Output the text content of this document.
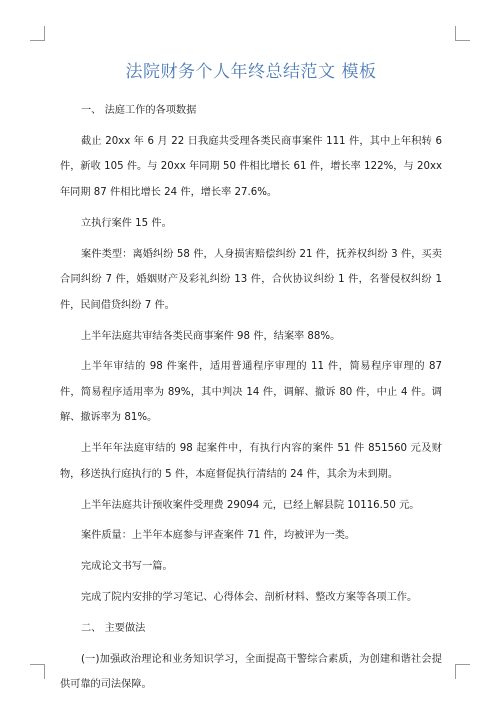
法院财务个人年终总结范文 模板

一、 法庭工作的各项数据

截止 20xx 年 6 月 22 日我庭共受理各类民商事案件 111 件，其中上年积转 6 件，新收 105 件。与 20xx 年同期 50 件相比增长 61 件，增长率 122%，与 20xx 年同期 87 件相比增长 24 件，增长率 27.6%。

立执行案件 15 件。

案件类型：离婚纠纷 58 件，人身损害赔偿纠纷 21 件，抚养权纠纷 3 件，买卖合同纠纷 7 件，婚姻财产及彩礼纠纷 13 件，合伙协议纠纷 1 件，名誉侵权纠纷 1 件，民间借贷纠纷 7 件。

上半年法庭共审结各类民商事案件 98 件，结案率 88%。

上半年审结的 98 件案件，适用普通程序审理的 11 件，简易程序审理的 87 件，简易程序适用率为 89%，其中判决 14 件，调解、撤诉 80 件，中止 4 件。调解、撤诉率为 81%。

上半年年法庭审结的 98 起案件中，有执行内容的案件 51 件 851560 元及财物，移送执行庭执行的 5 件，本庭督促执行清结的 24 件，其余为未到期。

上半年法庭共计预收案件受理费 29094 元，已经上解县院 10116.50 元。

案件质量：上半年本庭参与评查案件 71 件，均被评为一类。

完成论文书写一篇。

完成了院内安排的学习笔记、心得体会、剖析材料、整改方案等各项工作。

二、 主要做法

(一)加强政治理论和业务知识学习，全面提高干警综合素质，为创建和谐社会提供可靠的司法保障。
